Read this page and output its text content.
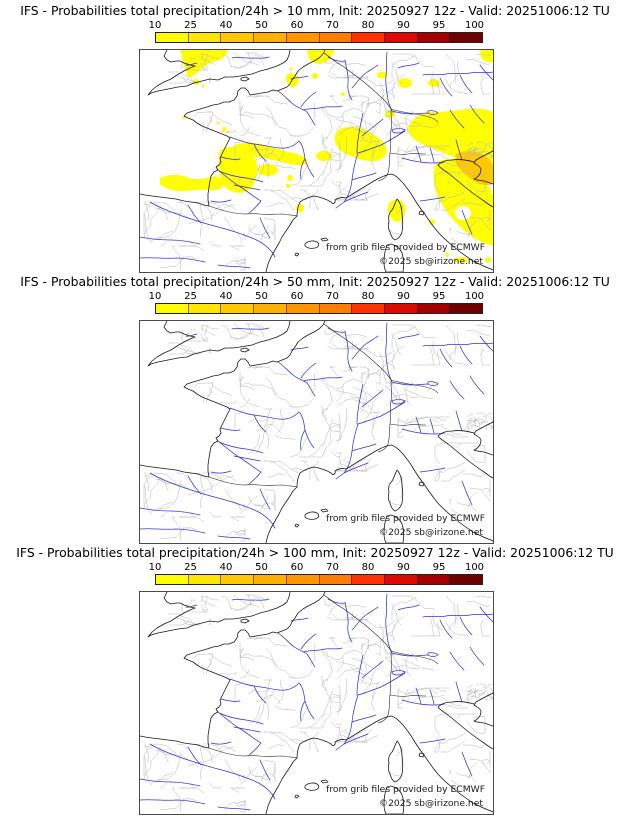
IFS - Probabilities total precipitation/24h > 10 mm, Init: 20250927 12z - Valid: 20251006:12 TU
10 25 40 50 60 70 80 90 95 100
from grib files provided by ECMWF
©2025 sb@irizone.net
IFS - Probabilities total precipitation/24h > 50 mm, Init: 20250927 12z - Valid: 20251006:12 TU
10 25 40 50 60 70 80 90 95 100
from grib files provided by ECMWF
©2025 sb@irizone.net
IFS - Probabilities total precipitation/24h > 100 mm, Init: 20250927 12z - Valid: 20251006:12 TU
10 25 40 50 60 70 80 90 95 100
from grib files provided by ECMWF
©2025 sb@irizone.net
